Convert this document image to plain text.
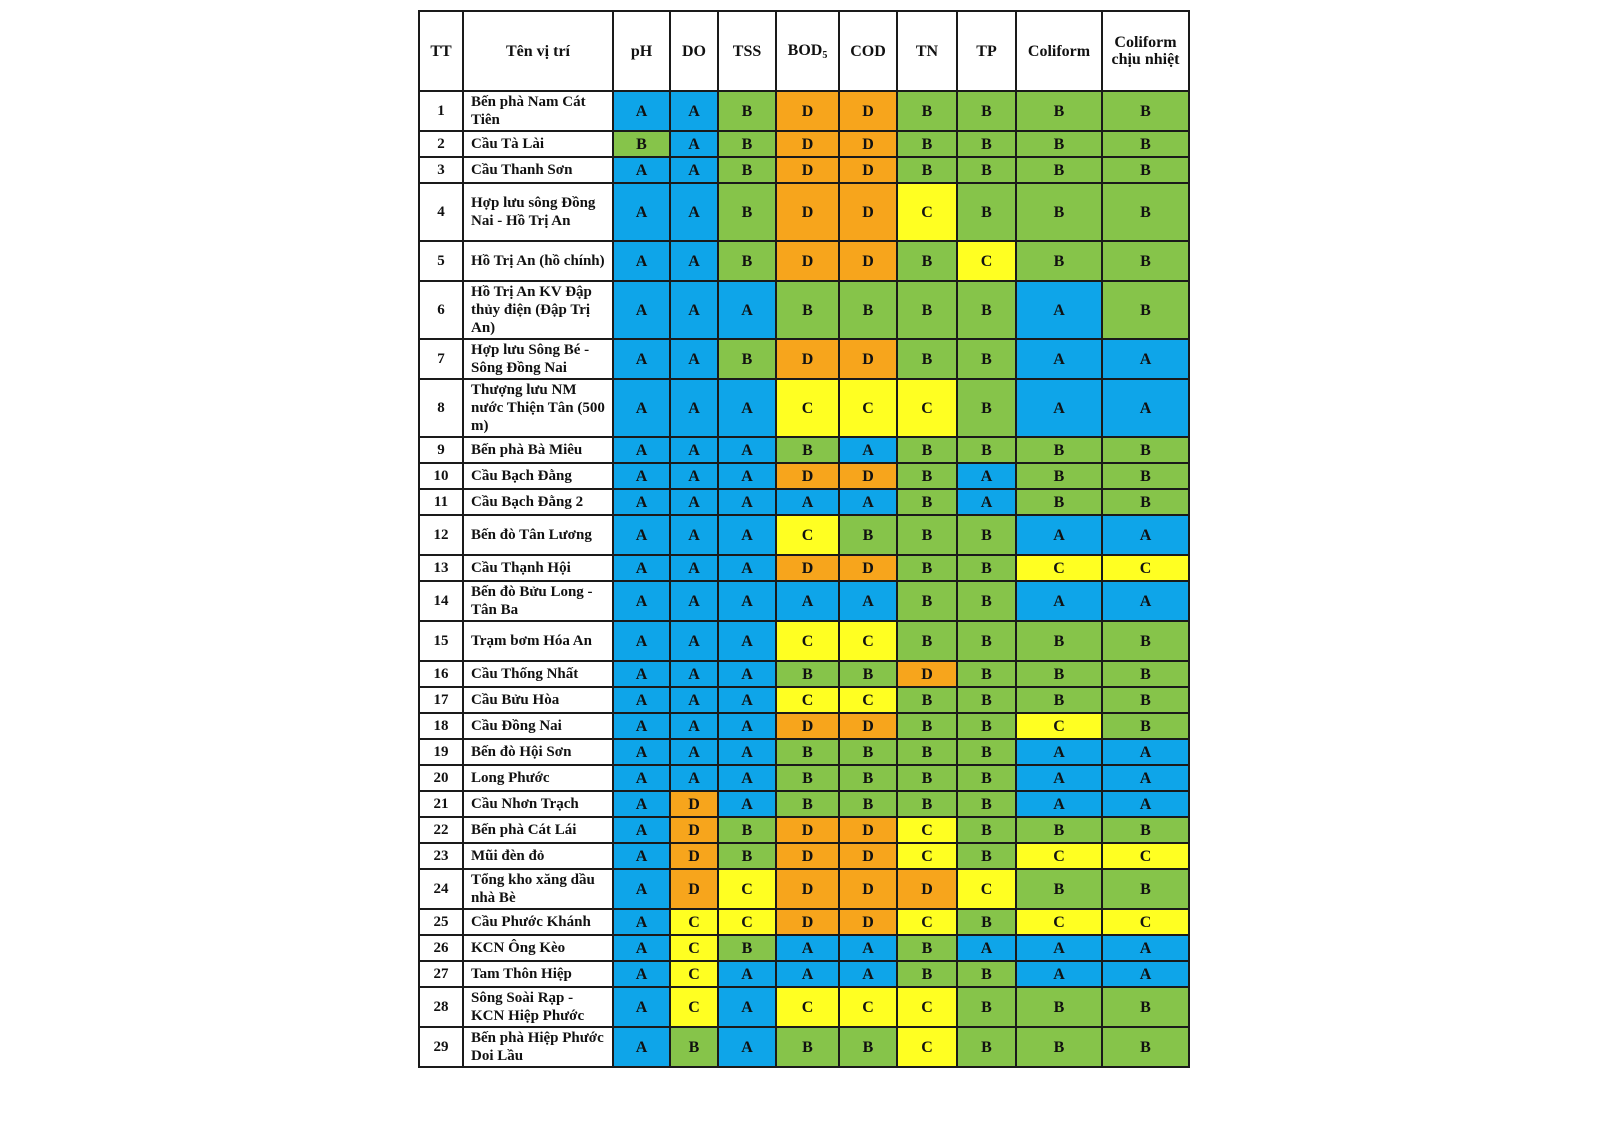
TT	Tên vị trí	pH	DO	TSS	BOD5	COD	TN	TP	Coliform	Coliform chịu nhiệt
1	Bến phà Nam Cát Tiên	A	A	B	D	D	B	B	B	B
2	Cầu Tà Lài	B	A	B	D	D	B	B	B	B
3	Cầu Thanh Sơn	A	A	B	D	D	B	B	B	B
4	Hợp lưu sông Đồng Nai - Hồ Trị An	A	A	B	D	D	C	B	B	B
5	Hồ Trị An (hồ chính)	A	A	B	D	D	B	C	B	B
6	Hồ Trị An KV Đập thủy điện (Đập Trị An)	A	A	A	B	B	B	B	A	B
7	Hợp lưu Sông Bé - Sông Đồng Nai	A	A	B	D	D	B	B	A	A
8	Thượng lưu NM nước Thiện Tân (500 m)	A	A	A	C	C	C	B	A	A
9	Bến phà Bà Miêu	A	A	A	B	A	B	B	B	B
10	Cầu Bạch Đằng	A	A	A	D	D	B	A	B	B
11	Cầu Bạch Đằng 2	A	A	A	A	A	B	A	B	B
12	Bến đò Tân Lương	A	A	A	C	B	B	B	A	A
13	Cầu Thạnh Hội	A	A	A	D	D	B	B	C	C
14	Bến đò Bửu Long - Tân Ba	A	A	A	A	A	B	B	A	A
15	Trạm bơm Hóa An	A	A	A	C	C	B	B	B	B
16	Cầu Thống Nhất	A	A	A	B	B	D	B	B	B
17	Cầu Bửu Hòa	A	A	A	C	C	B	B	B	B
18	Cầu Đồng Nai	A	A	A	D	D	B	B	C	B
19	Bến đò Hội Sơn	A	A	A	B	B	B	B	A	A
20	Long Phước	A	A	A	B	B	B	B	A	A
21	Cầu Nhơn Trạch	A	D	A	B	B	B	B	A	A
22	Bến phà Cát Lái	A	D	B	D	D	C	B	B	B
23	Mũi đèn đỏ	A	D	B	D	D	C	B	C	C
24	Tổng kho xăng dầu nhà Bè	A	D	C	D	D	D	C	B	B
25	Cầu Phước Khánh	A	C	C	D	D	C	B	C	C
26	KCN Ông Kèo	A	C	B	A	A	B	A	A	A
27	Tam Thôn Hiệp	A	C	A	A	A	B	B	A	A
28	Sông Soài Rạp - KCN Hiệp Phước	A	C	A	C	C	C	B	B	B
29	Bến phà Hiệp Phước Doi Lầu	A	B	A	B	B	C	B	B	B
